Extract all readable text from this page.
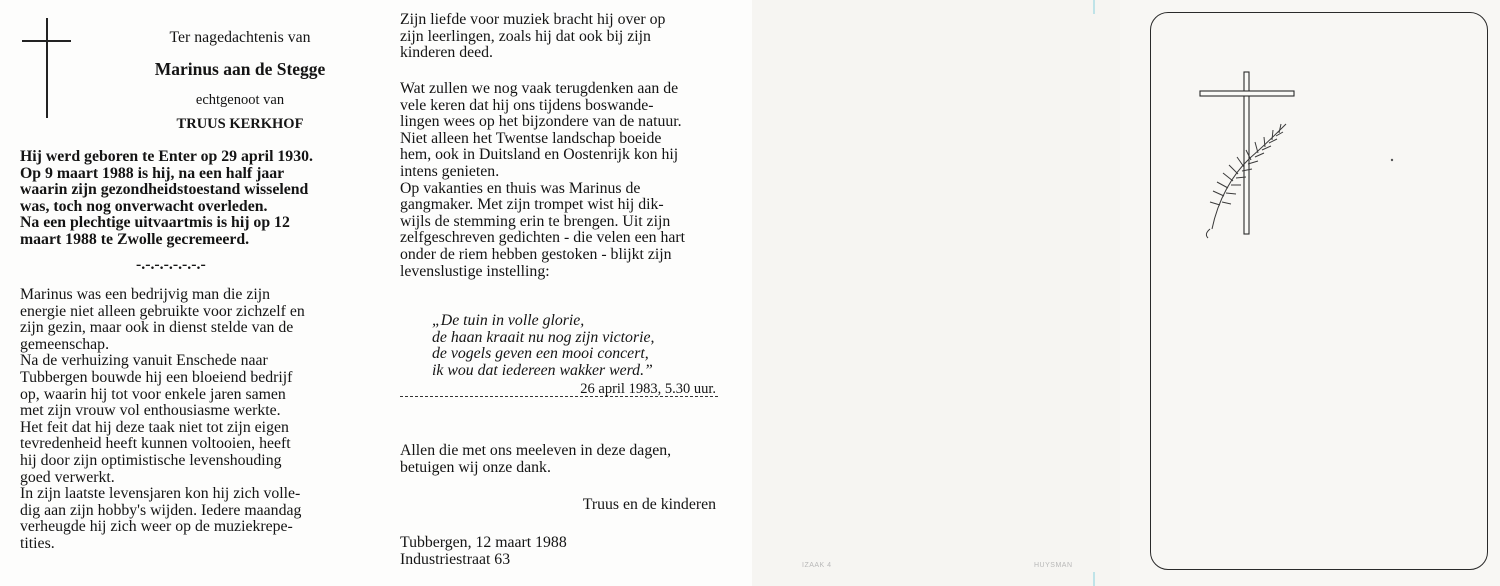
Ter nagedachtenis van
Marinus aan de Stegge
echtgenoot van
TRUUS KERKHOF
Hij werd geboren te Enter op 29 april 1930.
Op 9 maart 1988 is hij, na een half jaar
waarin zijn gezondheidstoestand wisselend
was, toch nog onverwacht overleden.
Na een plechtige uitvaartmis is hij op 12
maart 1988 te Zwolle gecremeerd.
-.-.-.-.-.-.-.-
Marinus was een bedrijvig man die zijn
energie niet alleen gebruikte voor zichzelf en
zijn gezin, maar ook in dienst stelde van de
gemeenschap.
Na de verhuizing vanuit Enschede naar
Tubbergen bouwde hij een bloeiend bedrijf
op, waarin hij tot voor enkele jaren samen
met zijn vrouw vol enthousiasme werkte.
Het feit dat hij deze taak niet tot zijn eigen
tevredenheid heeft kunnen voltooien, heeft
hij door zijn optimistische levenshouding
goed verwerkt.
In zijn laatste levensjaren kon hij zich volle-
dig aan zijn hobby's wijden. Iedere maandag
verheugde hij zich weer op de muziekrepe-
tities.
Zijn liefde voor muziek bracht hij over op
zijn leerlingen, zoals hij dat ook bij zijn
kinderen deed.
Wat zullen we nog vaak terugdenken aan de
vele keren dat hij ons tijdens boswande-
lingen wees op het bijzondere van de natuur.
Niet alleen het Twentse landschap boeide
hem, ook in Duitsland en Oostenrijk kon hij
intens genieten.
Op vakanties en thuis was Marinus de
gangmaker. Met zijn trompet wist hij dik-
wijls de stemming erin te brengen. Uit zijn
zelfgeschreven gedichten - die velen een hart
onder de riem hebben gestoken - blijkt zijn
levenslustige instelling:
„De tuin in volle glorie,
de haan kraait nu nog zijn victorie,
de vogels geven een mooi concert,
ik wou dat iedereen wakker werd.”
26 april 1983, 5.30 uur.
Allen die met ons meeleven in deze dagen,
betuigen wij onze dank.
Truus en de kinderen
Tubbergen, 12 maart 1988
Industriestraat 63	IZAAK 4	HUYSMAN
